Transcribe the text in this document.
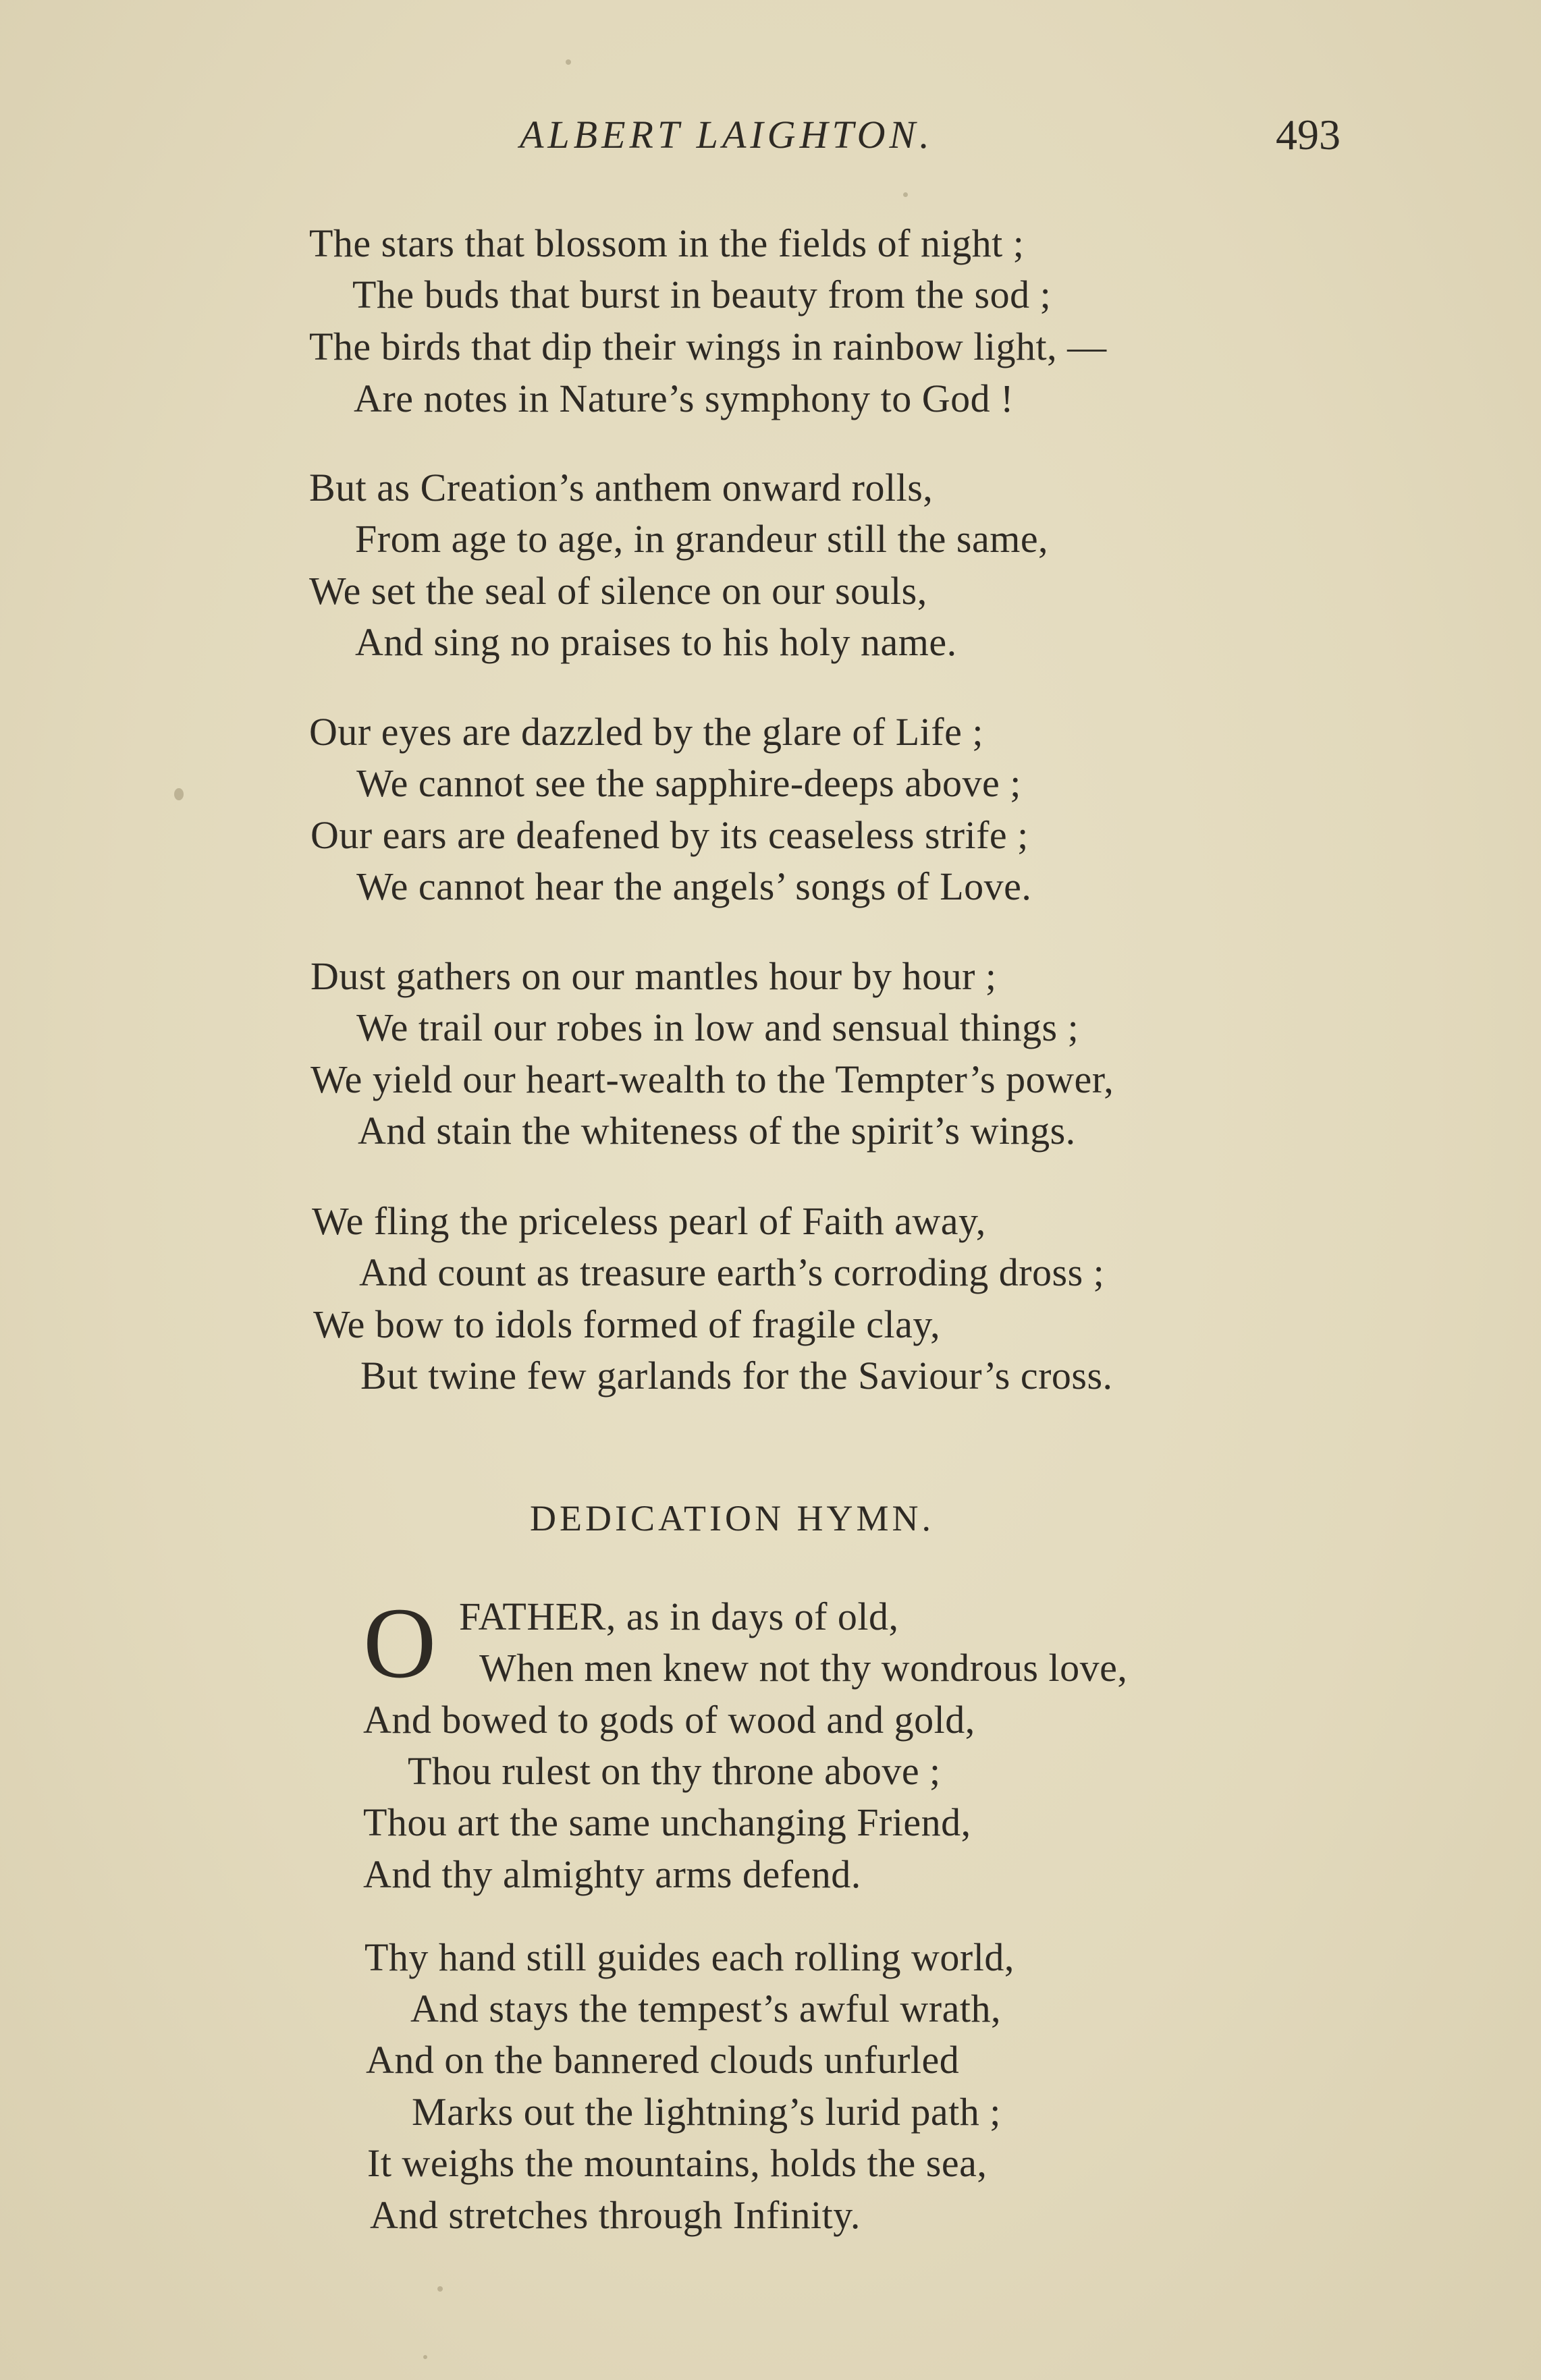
ALBERT LAIGHTON.	493
The stars that blossom in the fields of night ;
The buds that burst in beauty from the sod ;
The birds that dip their wings in rainbow light, —
Are notes in Nature’s symphony to God !
But as Creation’s anthem onward rolls,
From age to age, in grandeur still the same,
We set the seal of silence on our souls,
And sing no praises to his holy name.
Our eyes are dazzled by the glare of Life ;
We cannot see the sapphire-deeps above ;
Our ears are deafened by its ceaseless strife ;
We cannot hear the angels’ songs of Love.
Dust gathers on our mantles hour by hour ;
We trail our robes in low and sensual things ;
We yield our heart-wealth to the Tempter’s power,
And stain the whiteness of the spirit’s wings.
We fling the priceless pearl of Faith away,
And count as treasure earth’s corroding dross ;
We bow to idols formed of fragile clay,
But twine few garlands for the Saviour’s cross.
DEDICATION HYMN.
O FATHER, as in days of old,
When men knew not thy wondrous love,
And bowed to gods of wood and gold,
Thou rulest on thy throne above ;
Thou art the same unchanging Friend,
And thy almighty arms defend.
Thy hand still guides each rolling world,
And stays the tempest’s awful wrath,
And on the bannered clouds unfurled
Marks out the lightning’s lurid path ;
It weighs the mountains, holds the sea,
And stretches through Infinity.
